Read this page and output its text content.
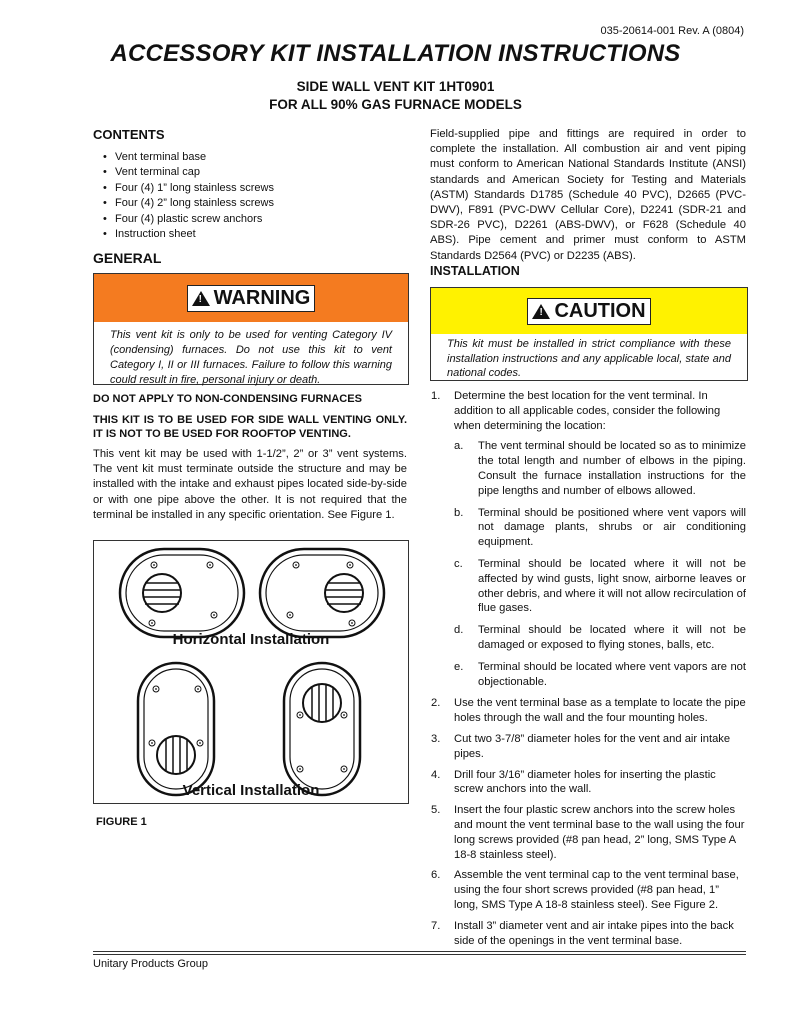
035-20614-001 Rev. A (0804)
ACCESSORY KIT INSTALLATION INSTRUCTIONS
SIDE WALL VENT KIT 1HT0901
FOR ALL 90% GAS FURNACE MODELS
CONTENTS
• Vent terminal base
• Vent terminal cap
• Four (4) 1” long stainless screws
• Four (4) 2” long stainless screws
• Four (4) plastic screw anchors
• Instruction sheet
GENERAL
! WARNING
This vent kit is only to be used for venting Category IV (condensing) furnaces. Do not use this kit to vent Category I, II or III furnaces. Failure to follow this warning could result in fire, personal injury or death.
DO NOT APPLY TO NON-CONDENSING FURNACES
THIS KIT IS TO BE USED FOR SIDE WALL VENTING ONLY. IT IS NOT TO BE USED FOR ROOFTOP VENTING.
This vent kit may be used with 1-1/2”, 2” or 3” vent systems. The vent kit must terminate outside the structure and may be installed with the intake and exhaust pipes located side-by-side or with one pipe above the other. It is not required that the terminal be installed in any specific orientation. See Figure 1.
Horizontal Installation
Vertical Installation
FIGURE 1
Field-supplied pipe and fittings are required in order to complete the installation. All combustion air and vent piping must conform to American National Standards Institute (ANSI) standards and American Society for Testing and Materials (ASTM) Standards D1785 (Schedule 40 PVC), D2665 (PVC-DWV), F891 (PVC-DWV Cellular Core), D2241 (SDR-21 and SDR-26 PVC), D2261 (ABS-DWV), or F628 (Schedule 40 ABS). Pipe cement and primer must conform to ASTM Standards D2564 (PVC) or D2235 (ABS).
INSTALLATION
! CAUTION
This kit must be installed in strict compliance with these installation instructions and any applicable local, state and national codes.
1. Determine the best location for the vent terminal. In addition to all applicable codes, consider the following when determining the location:
a. The vent terminal should be located so as to minimize the total length and number of elbows in the piping. Consult the furnace installation instructions for the pipe lengths and number of elbows allowed.
b. Terminal should be positioned where vent vapors will not damage plants, shrubs or air conditioning equipment.
c. Terminal should be located where it will not be affected by wind gusts, light snow, airborne leaves or other debris, and where it will not allow recirculation of flue gases.
d. Terminal should be located where it will not be damaged or exposed to flying stones, balls, etc.
e. Terminal should be located where vent vapors are not objectionable.
2. Use the vent terminal base as a template to locate the pipe holes through the wall and the four mounting holes.
3. Cut two 3-7/8” diameter holes for the vent and air intake pipes.
4. Drill four 3/16” diameter holes for inserting the plastic screw anchors into the wall.
5. Insert the four plastic screw anchors into the screw holes and mount the vent terminal base to the wall using the four long screws provided (#8 pan head, 2” long, SMS Type A 18-8 stainless steel).
6. Assemble the vent terminal cap to the vent terminal base, using the four short screws provided (#8 pan head, 1” long, SMS Type A 18-8 stainless steel). See Figure 2.
7. Install 3” diameter vent and air intake pipes into the back side of the openings in the vent terminal base.
Unitary Products Group
